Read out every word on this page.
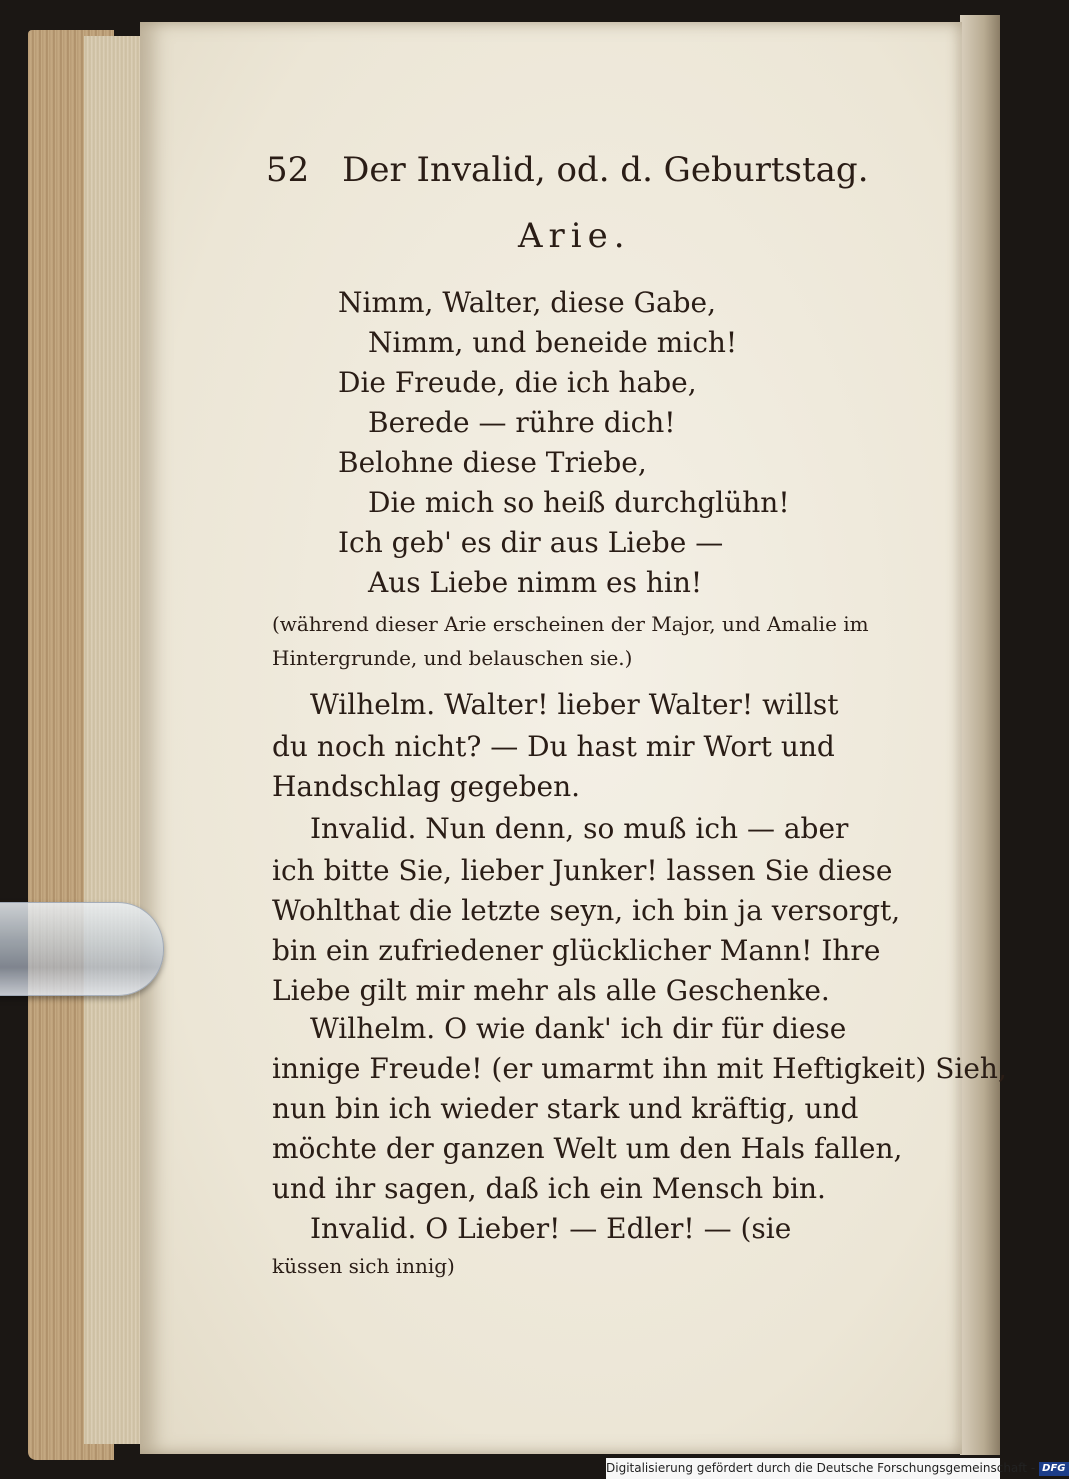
52 Der Invalid, od. d. Geburtstag.
Arie.
Nimm, Walter, diese Gabe,
Nimm, und beneide mich!
Die Freude, die ich habe,
Berede — rühre dich!
Belohne diese Triebe,
Die mich so heiß durchglühn!
Ich geb' es dir aus Liebe —
Aus Liebe nimm es hin!
(während dieser Arie erscheinen der Major, und Amalie im
Hintergrunde, und belauschen sie.)
Wilhelm. Walter! lieber Walter! willst
du noch nicht? — Du hast mir Wort und
Handschlag gegeben.
Invalid. Nun denn, so muß ich — aber
ich bitte Sie, lieber Junker! lassen Sie diese
Wohlthat die letzte seyn, ich bin ja versorgt,
bin ein zufriedener glücklicher Mann! Ihre
Liebe gilt mir mehr als alle Geschenke.
Wilhelm. O wie dank' ich dir für diese
innige Freude! (er umarmt ihn mit Heftigkeit) Sieh,
nun bin ich wieder stark und kräftig, und
möchte der ganzen Welt um den Hals fallen,
und ihr sagen, daß ich ein Mensch bin.
Invalid. O Lieber! — Edler! — (sie
küssen sich innig)
Digitalisierung gefördert durch die Deutsche Forschungsgemeinschaft - DFG
